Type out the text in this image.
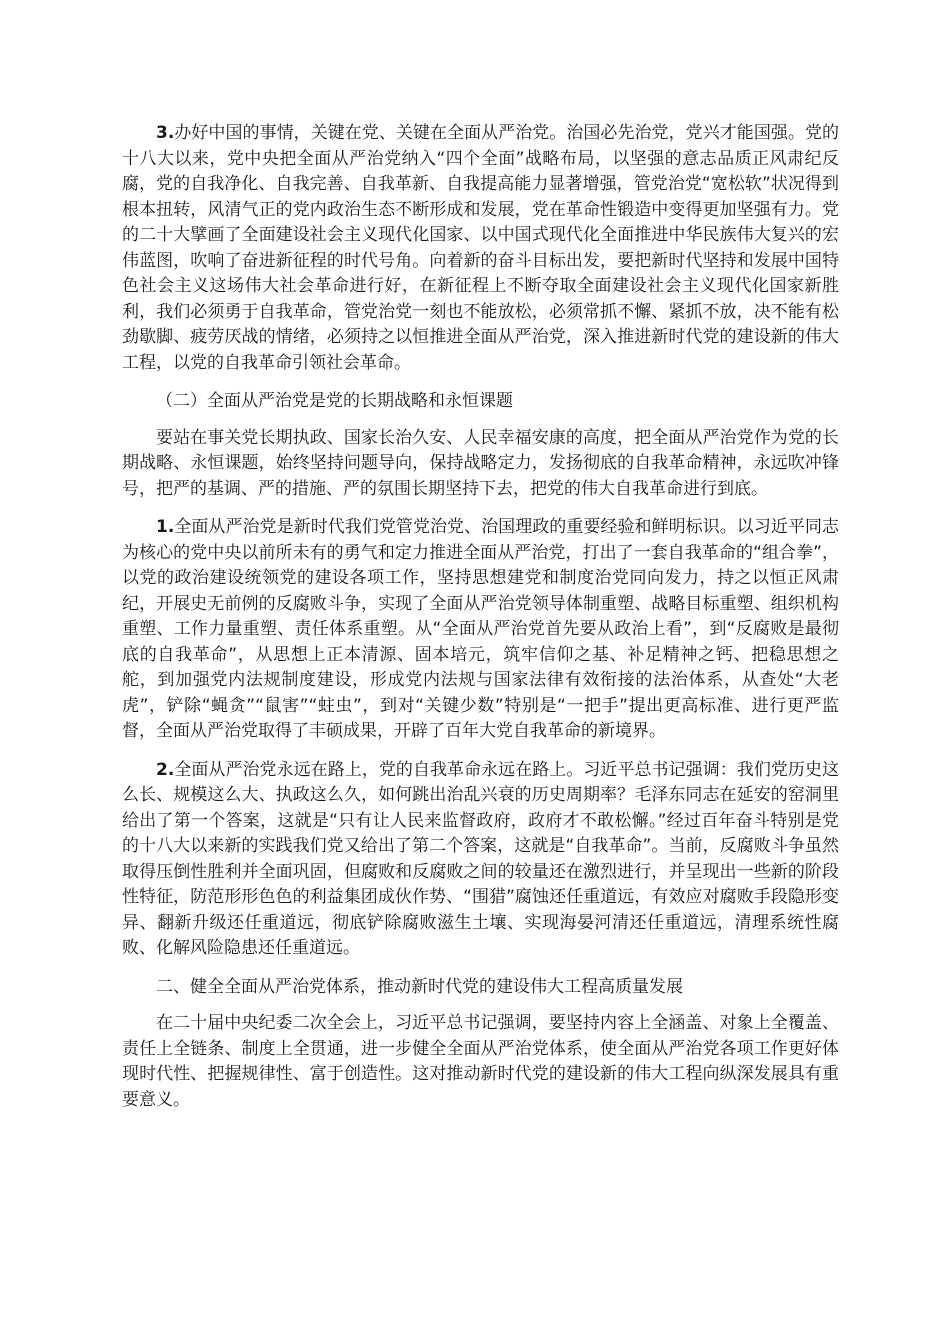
3.办好中国的事情，关键在党、关键在全面从严治党。治国必先治党，党兴才能国强。党的十八大以来，党中央把全面从严治党纳入“四个全面”战略布局，以坚强的意志品质正风肃纪反腐，党的自我净化、自我完善、自我革新、自我提高能力显著增强，管党治党“宽松软”状况得到根本扭转，风清气正的党内政治生态不断形成和发展，党在革命性锻造中变得更加坚强有力。党的二十大擘画了全面建设社会主义现代化国家、以中国式现代化全面推进中华民族伟大复兴的宏伟蓝图，吹响了奋进新征程的时代号角。向着新的奋斗目标出发，要把新时代坚持和发展中国特色社会主义这场伟大社会革命进行好，在新征程上不断夺取全面建设社会主义现代化国家新胜利，我们必须勇于自我革命，管党治党一刻也不能放松，必须常抓不懈、紧抓不放，决不能有松劲歇脚、疲劳厌战的情绪，必须持之以恒推进全面从严治党，深入推进新时代党的建设新的伟大工程，以党的自我革命引领社会革命。

（二）全面从严治党是党的长期战略和永恒课题

要站在事关党长期执政、国家长治久安、人民幸福安康的高度，把全面从严治党作为党的长期战略、永恒课题，始终坚持问题导向，保持战略定力，发扬彻底的自我革命精神，永远吹冲锋号，把严的基调、严的措施、严的氛围长期坚持下去，把党的伟大自我革命进行到底。

1.全面从严治党是新时代我们党管党治党、治国理政的重要经验和鲜明标识。以习近平同志为核心的党中央以前所未有的勇气和定力推进全面从严治党，打出了一套自我革命的“组合拳”，以党的政治建设统领党的建设各项工作，坚持思想建党和制度治党同向发力，持之以恒正风肃纪，开展史无前例的反腐败斗争，实现了全面从严治党领导体制重塑、战略目标重塑、组织机构重塑、工作力量重塑、责任体系重塑。从“全面从严治党首先要从政治上看”，到“反腐败是最彻底的自我革命”，从思想上正本清源、固本培元，筑牢信仰之基、补足精神之钙、把稳思想之舵，到加强党内法规制度建设，形成党内法规与国家法律有效衔接的法治体系，从查处“大老虎”，铲除“蝇贪”“鼠害”“蛀虫”，到对“关键少数”特别是“一把手”提出更高标准、进行更严监督，全面从严治党取得了丰硕成果，开辟了百年大党自我革命的新境界。

2.全面从严治党永远在路上，党的自我革命永远在路上。习近平总书记强调：我们党历史这么长、规模这么大、执政这么久，如何跳出治乱兴衰的历史周期率？毛泽东同志在延安的窑洞里给出了第一个答案，这就是“只有让人民来监督政府，政府才不敢松懈。”经过百年奋斗特别是党的十八大以来新的实践我们党又给出了第二个答案，这就是“自我革命”。当前，反腐败斗争虽然取得压倒性胜利并全面巩固，但腐败和反腐败之间的较量还在激烈进行，并呈现出一些新的阶段性特征，防范形形色色的利益集团成伙作势、“围猎”腐蚀还任重道远，有效应对腐败手段隐形变异、翻新升级还任重道远，彻底铲除腐败滋生土壤、实现海晏河清还任重道远，清理系统性腐败、化解风险隐患还任重道远。

二、健全全面从严治党体系，推动新时代党的建设伟大工程高质量发展

在二十届中央纪委二次全会上，习近平总书记强调，要坚持内容上全涵盖、对象上全覆盖、责任上全链条、制度上全贯通，进一步健全全面从严治党体系，使全面从严治党各项工作更好体现时代性、把握规律性、富于创造性。这对推动新时代党的建设新的伟大工程向纵深发展具有重要意义。
